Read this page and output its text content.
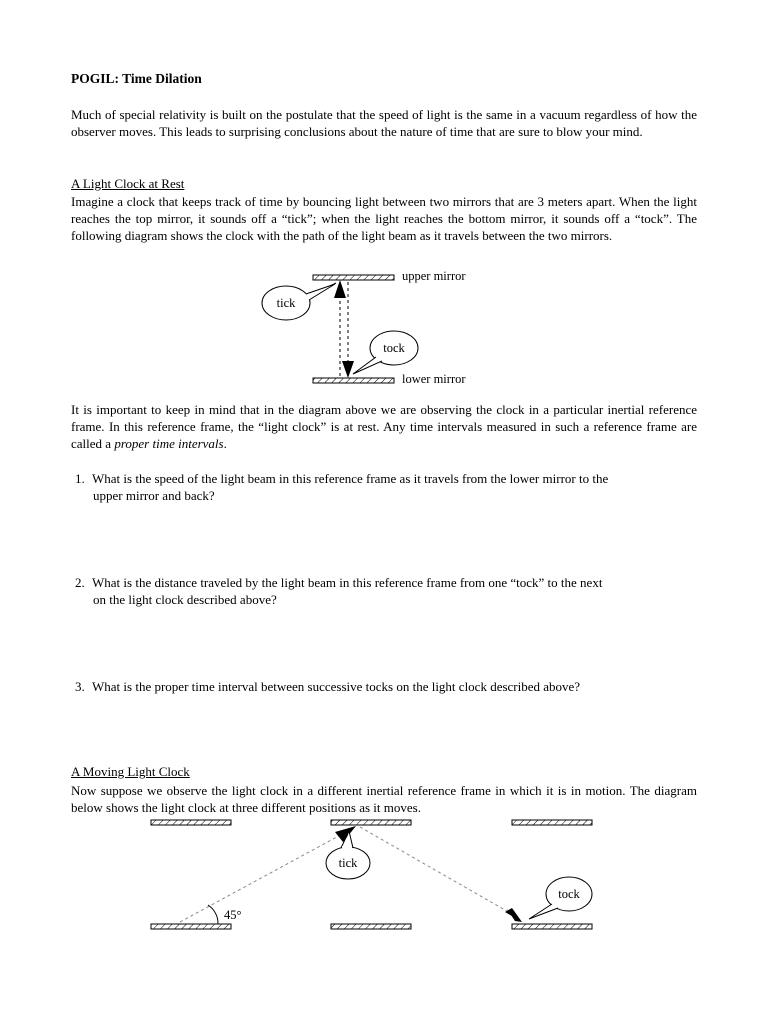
POGIL: Time Dilation
Much of special relativity is built on the postulate that the speed of light is the same in a vacuum regardless of how the observer moves. This leads to surprising conclusions about the nature of time that are sure to blow your mind.
A Light Clock at Rest
Imagine a clock that keeps track of time by bouncing light between two mirrors that are 3 meters apart. When the light reaches the top mirror, it sounds off a “tick”; when the light reaches the bottom mirror, it sounds off a “tock”. The following diagram shows the clock with the path of the light beam as it travels between the two mirrors.
tick
tock
upper mirror
lower mirror
45°
tick
tock
It is important to keep in mind that in the diagram above we are observing the clock in a particular inertial reference frame. In this reference frame, the “light clock” is at rest. Any time intervals measured in such a reference frame are called a proper time intervals.
1. What is the speed of the light beam in this reference frame as it travels from the lower mirror to the
upper mirror and back?
2. What is the distance traveled by the light beam in this reference frame from one “tock” to the next
on the light clock described above?
3. What is the proper time interval between successive tocks on the light clock described above?
A Moving Light Clock
Now suppose we observe the light clock in a different inertial reference frame in which it is in motion. The diagram below shows the light clock at three different positions as it moves.
